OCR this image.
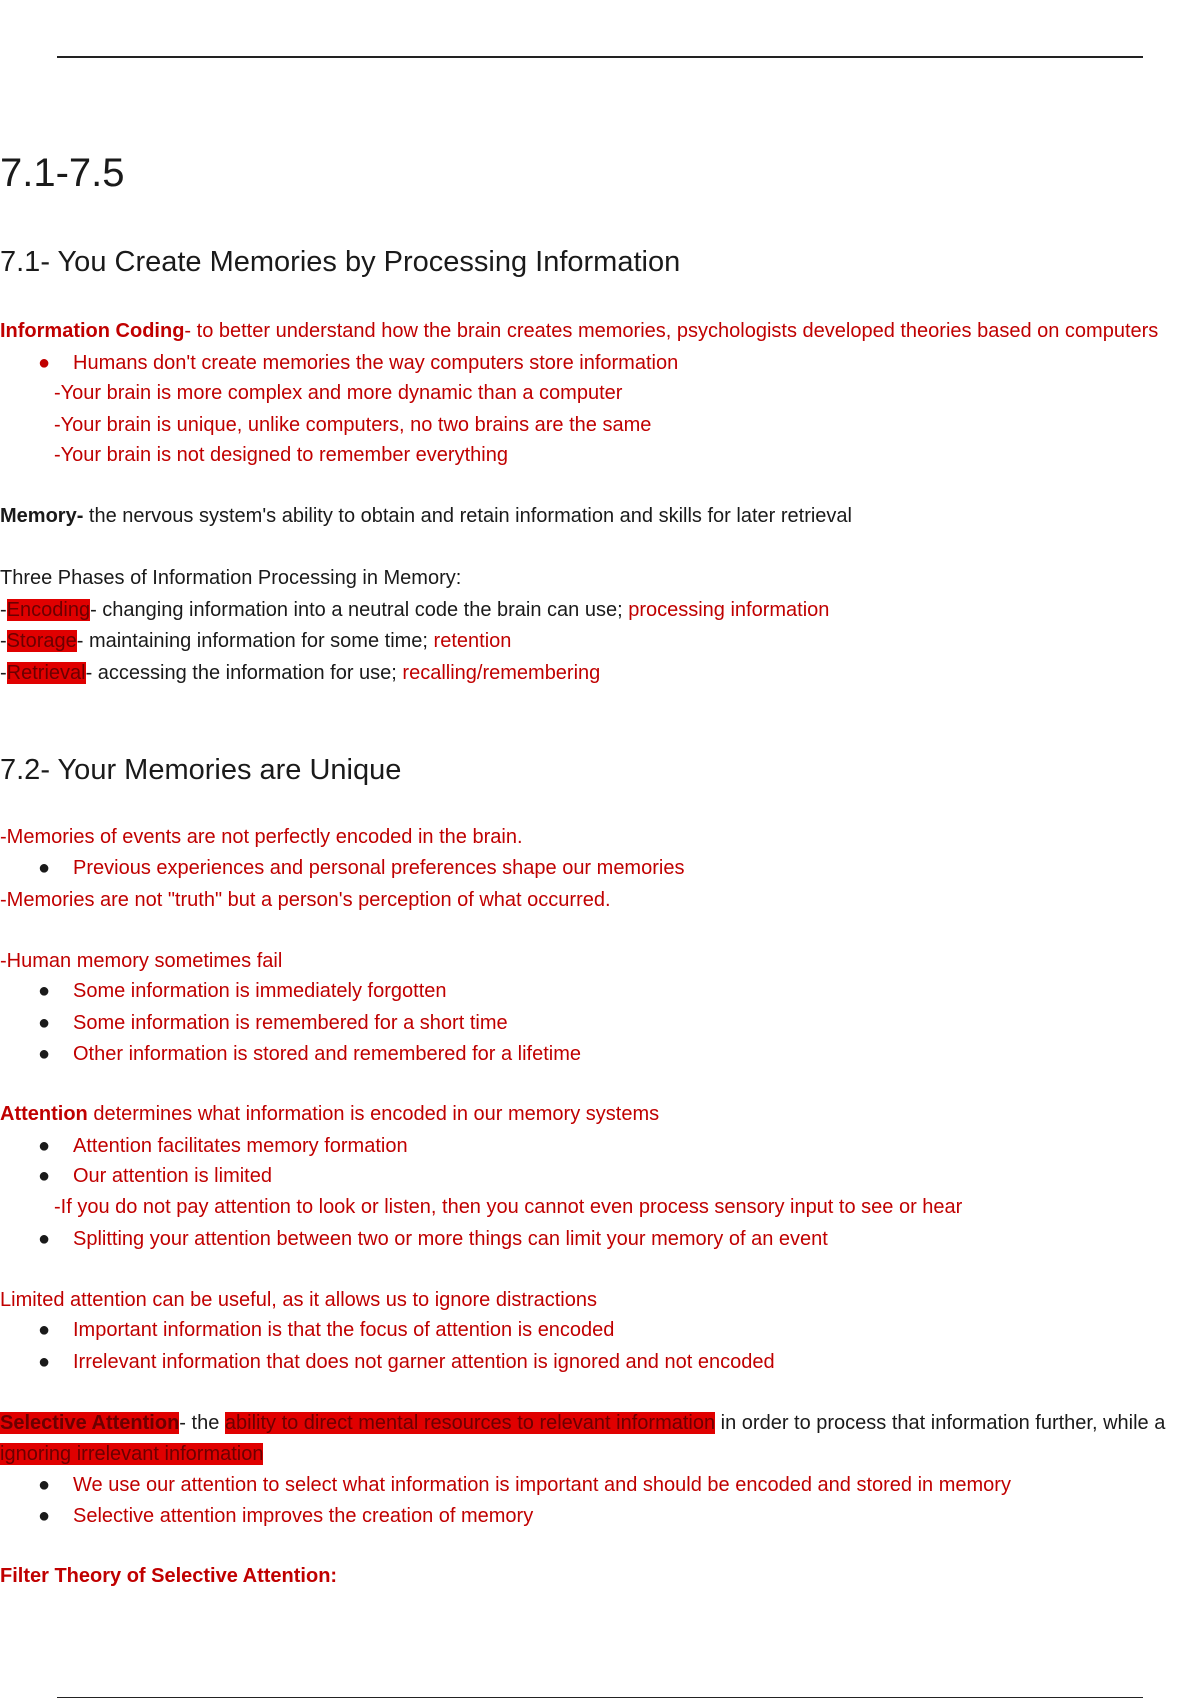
7.1-7.5
7.1- You Create Memories by Processing Information
Information Coding- to better understand how the brain creates memories, psychologists developed theories based on computers
● Humans don't create memories the way computers store information
-Your brain is more complex and more dynamic than a computer
-Your brain is unique, unlike computers, no two brains are the same
-Your brain is not designed to remember everything
Memory- the nervous system's ability to obtain and retain information and skills for later retrieval
Three Phases of Information Processing in Memory:
-Encoding- changing information into a neutral code the brain can use; processing information
-Storage- maintaining information for some time; retention
-Retrieval- accessing the information for use; recalling/remembering
7.2- Your Memories are Unique
-Memories of events are not perfectly encoded in the brain.
● Previous experiences and personal preferences shape our memories
-Memories are not "truth" but a person's perception of what occurred.
-Human memory sometimes fail
● Some information is immediately forgotten
● Some information is remembered for a short time
● Other information is stored and remembered for a lifetime
Attention determines what information is encoded in our memory systems
● Attention facilitates memory formation
● Our attention is limited
-If you do not pay attention to look or listen, then you cannot even process sensory input to see or hear
● Splitting your attention between two or more things can limit your memory of an event
Limited attention can be useful, as it allows us to ignore distractions
● Important information is that the focus of attention is encoded
● Irrelevant information that does not garner attention is ignored and not encoded
Selective Attention- the ability to direct mental resources to relevant information in order to process that information further, while a
ignoring irrelevant information
● We use our attention to select what information is important and should be encoded and stored in memory
● Selective attention improves the creation of memory
Filter Theory of Selective Attention:
